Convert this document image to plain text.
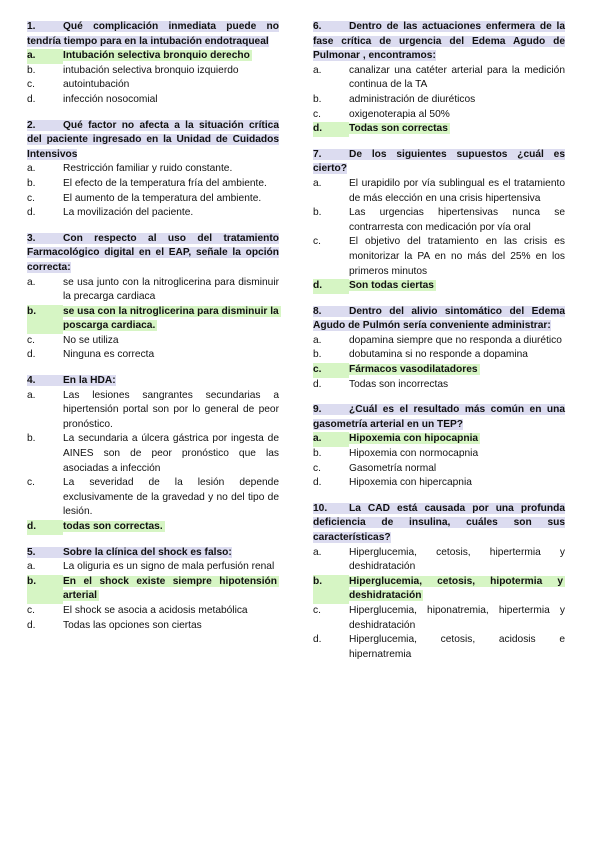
1.	Qué complicación inmediata puede no tendría tiempo para en la intubación endotraqueal
a.	Intubación selectiva bronquio derecho
b.	intubación selectiva bronquio izquierdo
c.	autointubación
d.	infección nosocomial
2.	Qué factor no afecta a la situación crítica del paciente ingresado en la Unidad de Cuidados Intensivos
a.	Restricción familiar y ruido constante.
b.	El efecto de la temperatura fría del ambiente.
c.	El aumento de la temperatura del ambiente.
d.	La movilización del paciente.
3.	Con respecto al uso del tratamiento Farmacológico digital en el EAP, señale la opción correcta:
a.	se usa junto con la nitroglicerina para disminuir la precarga cardiaca
b.	se usa con la nitroglicerina para disminuir la poscarga cardiaca.
c.	No se utiliza
d.	Ninguna es correcta
4.	En la HDA:
a.	Las lesiones sangrantes secundarias a hipertensión portal son por lo general de peor pronóstico.
b.	La secundaria a úlcera gástrica por ingesta de AINES son de peor pronóstico que las asociadas a infección
c.	La severidad de la lesión depende exclusivamente de la gravedad y no del tipo de lesión.
d.	todas son correctas.
5.	Sobre la clínica del shock es falso:
a.	La oliguria es un signo de mala perfusión renal
b.	En el shock existe siempre hipotensión arterial
c.	El shock se asocia a acidosis metabólica
d.	Todas las opciones son ciertas
6.	Dentro de las actuaciones enfermera de la fase crítica de urgencia del Edema Agudo de Pulmonar , encontramos:
a.	canalizar una catéter arterial para la medición continua de la TA
b.	administración de diuréticos
c.	oxigenoterapia al 50%
d.	Todas son correctas
7.	De los siguientes supuestos ¿cuál es cierto?
a.	El urapidilo por vía sublingual es el tratamiento de más elección en una crisis hipertensiva
b.	Las urgencias hipertensivas nunca se contrarresta con medicación por vía oral
c.	El objetivo del tratamiento en las crisis es monitorizar la PA en no más del 25% en los primeros minutos
d.	Son todas ciertas
8.	Dentro del alivio sintomático del Edema Agudo de Pulmón sería conveniente administrar:
a.	dopamina siempre que no responda a diurético
b.	dobutamina si no responde a dopamina
c.	Fármacos vasodilatadores
d.	Todas son incorrectas
9.	¿Cuál es el resultado más común en una gasometría arterial en un TEP?
a.	Hipoxemia con hipocapnia
b.	Hipoxemia con normocapnia
c.	Gasometría normal
d.	Hipoxemia con hipercapnia
10. La CAD está causada por una profunda deficiencia de insulina, cuáles son sus características?
a.	Hiperglucemia, cetosis, hipertermia y deshidratación
b.	Hiperglucemia, cetosis, hipotermia y deshidratación
c.	Hiperglucemia, hiponatremia, hipertermia y deshidratación
d.	Hiperglucemia, cetosis, acidosis e hipernatremia
